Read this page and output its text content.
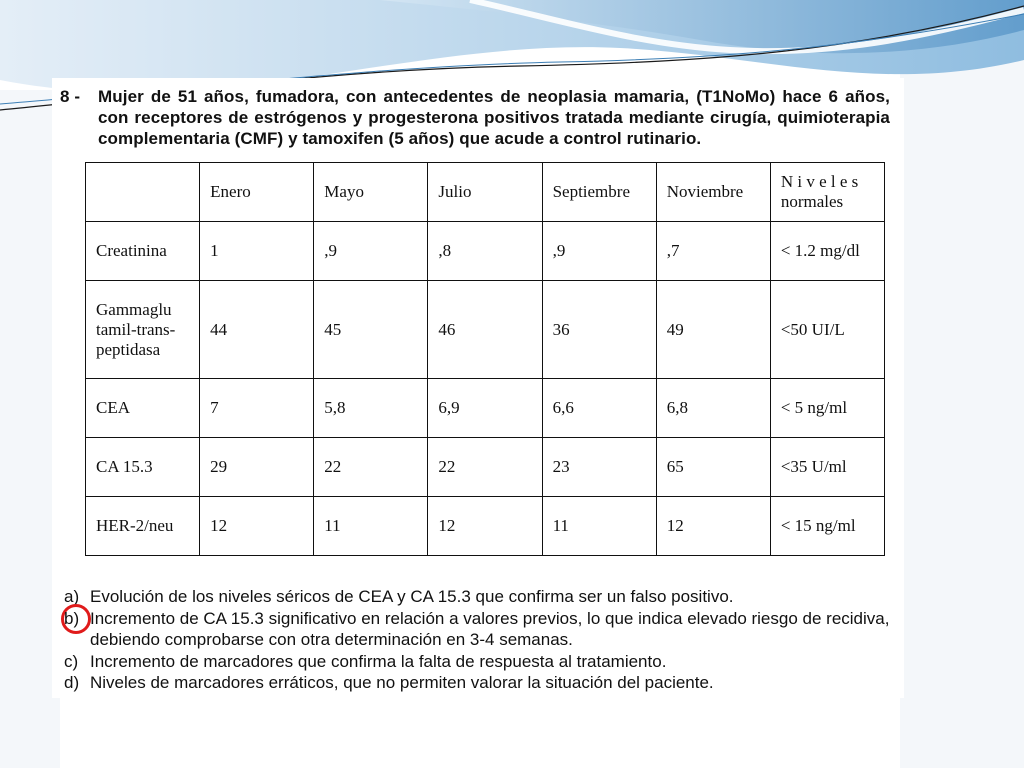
8 - Mujer de 51 años, fumadora, con antecedentes de neoplasia mamaria, (T1NoMo) hace 6 años, con receptores de estrógenos y progesterona positivos tratada mediante cirugía, quimioterapia complementaria (CMF) y tamoxifen (5 años) que acude a control rutinario.
	Enero	Mayo	Julio	Septiembre	Noviembre	N i v e l e s
normales
Creatinina	1	,9	,8	,9	,7	< 1.2 mg/dl
Gammaglu
tamil-trans-
peptidasa	44	45	46	36	49	<50 UI/L
CEA	7	5,8	6,9	6,6	6,8	< 5 ng/ml
CA 15.3	29	22	22	23	65	<35 U/ml
HER-2/neu	12	11	12	11	12	< 15 ng/ml
a) Evolución de los niveles séricos de CEA y CA 15.3 que confirma ser un falso positivo.
b) Incremento de CA 15.3 significativo en relación a valores previos, lo que indica elevado riesgo de recidiva, debiendo comprobarse con otra determinación en 3-4 semanas.
c) Incremento de marcadores que confirma la falta de respuesta al tratamiento.
d) Niveles de marcadores erráticos, que no permiten valorar la situación del paciente.
